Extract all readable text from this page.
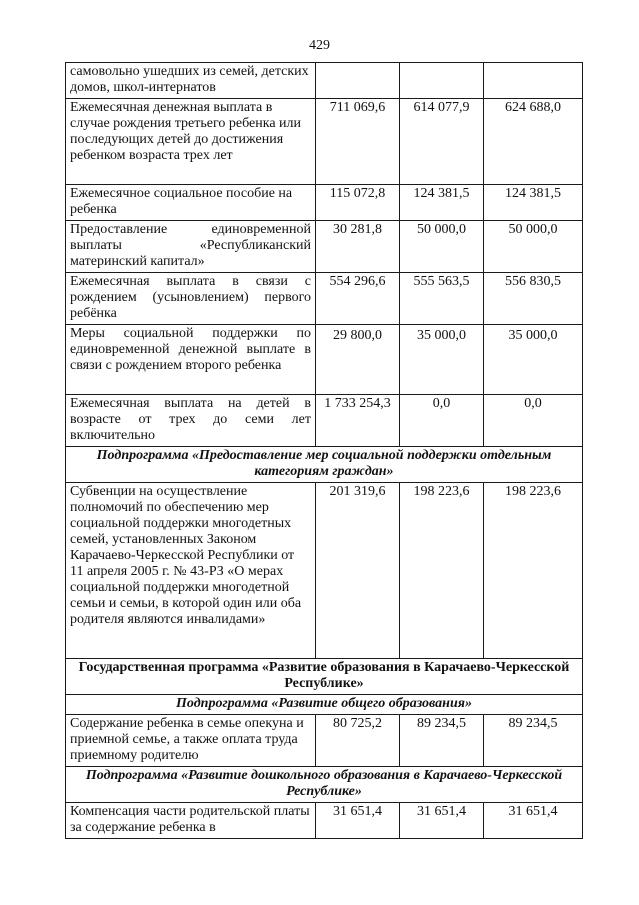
429
самовольно ушедших из семей, детских домов, школ-интернатов			
Ежемесячная денежная выплата в случае рождения третьего ребенка или последующих детей до достижения ребенком возраста трех лет	711 069,6	614 077,9	624 688,0
Ежемесячное социальное пособие на ребенка	115 072,8	124 381,5	124 381,5
Предоставление единовременной выплаты «Республиканский материнский капитал»	30 281,8	50 000,0	50 000,0
Ежемесячная выплата в связи с рождением (усыновлением) первого ребёнка	554 296,6	555 563,5	556 830,5
Меры социальной поддержки по единовременной денежной выплате в связи с рождением второго ребенка	29 800,0	35 000,0	35 000,0
Ежемесячная выплата на детей в возрасте от трех до семи лет включительно	1 733 254,3	0,0	0,0
Подпрограмма «Предоставление мер социальной поддержки отдельным категориям граждан»			
Субвенции на осуществление полномочий по обеспечению мер социальной поддержки многодетных семей, установленных Законом Карачаево-Черкесской Республики от 11 апреля 2005 г. № 43-РЗ «О мерах социальной поддержки многодетной семьи и семьи, в которой один или оба родителя являются инвалидами»	201 319,6	198 223,6	198 223,6
Государственная программа «Развитие образования в Карачаево-Черкесской Республике»			
Подпрограмма «Развитие общего образования»			
Содержание ребенка в семье опекуна и приемной семье, а также оплата труда приемному родителю	80 725,2	89 234,5	89 234,5
Подпрограмма «Развитие дошкольного образования в Карачаево-Черкесской Республике»			
Компенсация части родительской платы за содержание ребенка в	31 651,4	31 651,4	31 651,4
